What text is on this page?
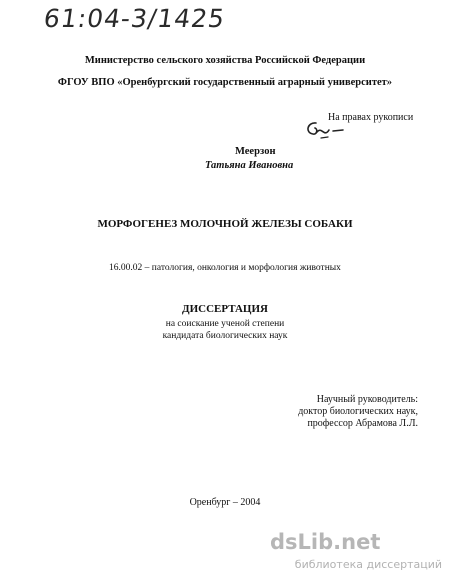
61:04-3/1425
Министерство сельского хозяйства Российской Федерации
ФГОУ ВПО «Оренбургский государственный аграрный университет»
На правах рукописи
Меерзон
Татьяна Ивановна
МОРФОГЕНЕЗ МОЛОЧНОЙ ЖЕЛЕЗЫ СОБАКИ
16.00.02 – патология, онкология и морфология животных
ДИССЕРТАЦИЯ
на соискание ученой степени
кандидата биологических наук
Научный руководитель:
доктор биологических наук,
профессор Абрамова Л.Л.
Оренбург – 2004
dsLib.net
библиотека диссертаций
